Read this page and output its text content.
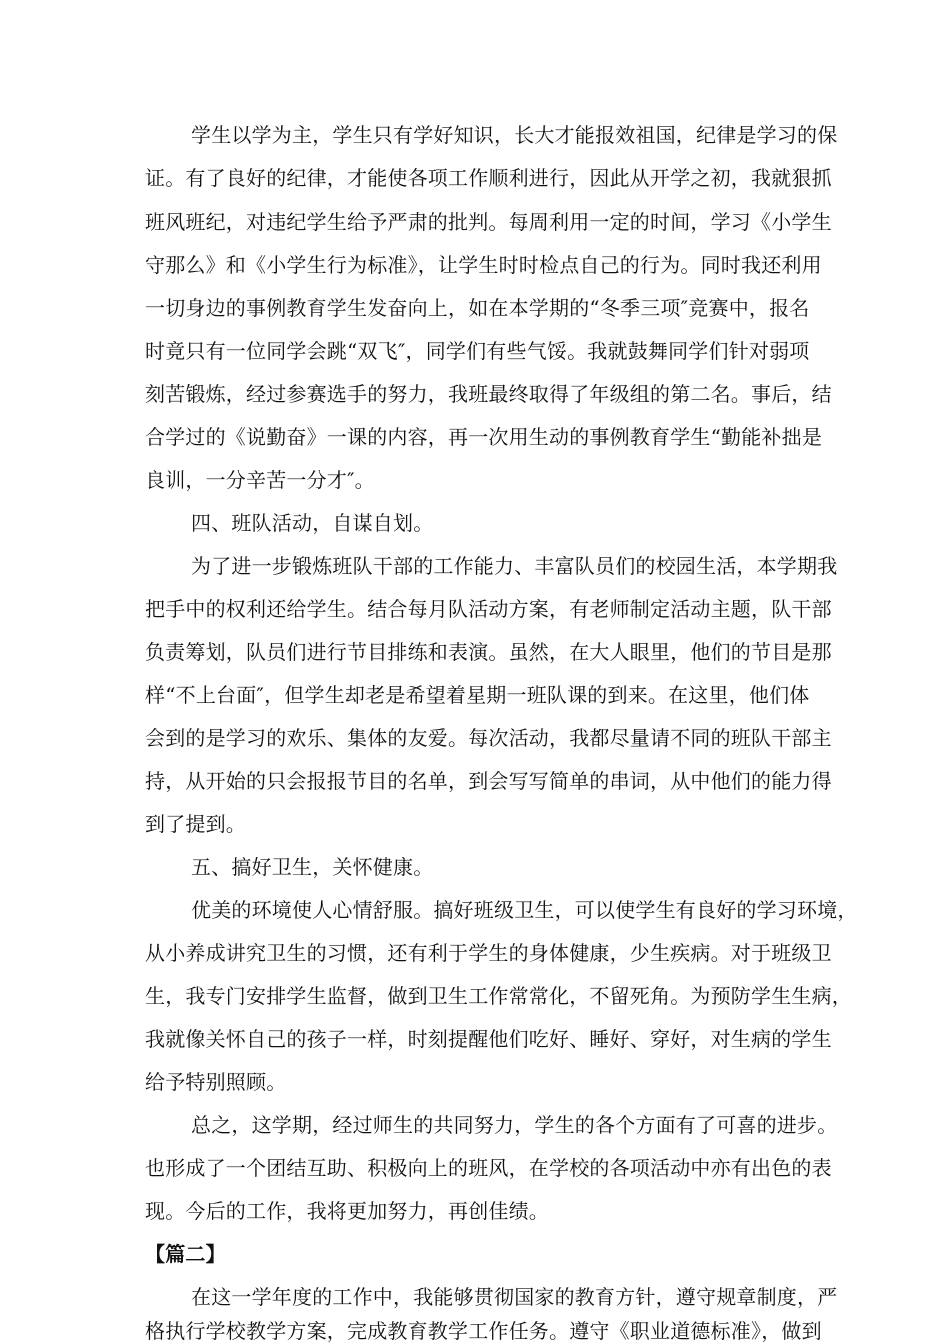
学生以学为主，学生只有学好知识，长大才能报效祖国，纪律是学习的保
证。有了良好的纪律，才能使各项工作顺利进行，因此从开学之初，我就狠抓
班风班纪，对违纪学生给予严肃的批判。每周利用一定的时间，学习《小学生
守那么》和《小学生行为标准》，让学生时时检点自己的行为。同时我还利用
一切身边的事例教育学生发奋向上，如在本学期的“冬季三项″竞赛中，报名
时竟只有一位同学会跳“双飞″，同学们有些气馁。我就鼓舞同学们针对弱项
刻苦锻炼，经过参赛选手的努力，我班最终取得了年级组的第二名。事后，结
合学过的《说勤奋》一课的内容，再一次用生动的事例教育学生“勤能补拙是
良训，一分辛苦一分才″。
四、班队活动，自谋自划。
为了进一步锻炼班队干部的工作能力、丰富队员们的校园生活，本学期我
把手中的权利还给学生。结合每月队活动方案，有老师制定活动主题，队干部
负责筹划，队员们进行节目排练和表演。虽然，在大人眼里，他们的节目是那
样“不上台面″，但学生却老是希望着星期一班队课的到来。在这里，他们体
会到的是学习的欢乐、集体的友爱。每次活动，我都尽量请不同的班队干部主
持，从开始的只会报报节目的名单，到会写写简单的串词，从中他们的能力得
到了提到。
五、搞好卫生，关怀健康。
优美的环境使人心情舒服。搞好班级卫生，可以使学生有良好的学习环境，
从小养成讲究卫生的习惯，还有利于学生的身体健康，少生疾病。对于班级卫
生，我专门安排学生监督，做到卫生工作常常化，不留死角。为预防学生生病，
我就像关怀自己的孩子一样，时刻提醒他们吃好、睡好、穿好，对生病的学生
给予特别照顾。
总之，这学期，经过师生的共同努力，学生的各个方面有了可喜的进步。
也形成了一个团结互助、积极向上的班风，在学校的各项活动中亦有出色的表
现。今后的工作，我将更加努力，再创佳绩。
【篇二】
在这一学年度的工作中，我能够贯彻国家的教育方针，遵守规章制度，严
格执行学校教学方案，完成教育教学工作任务。遵守《职业道德标准》，做到
